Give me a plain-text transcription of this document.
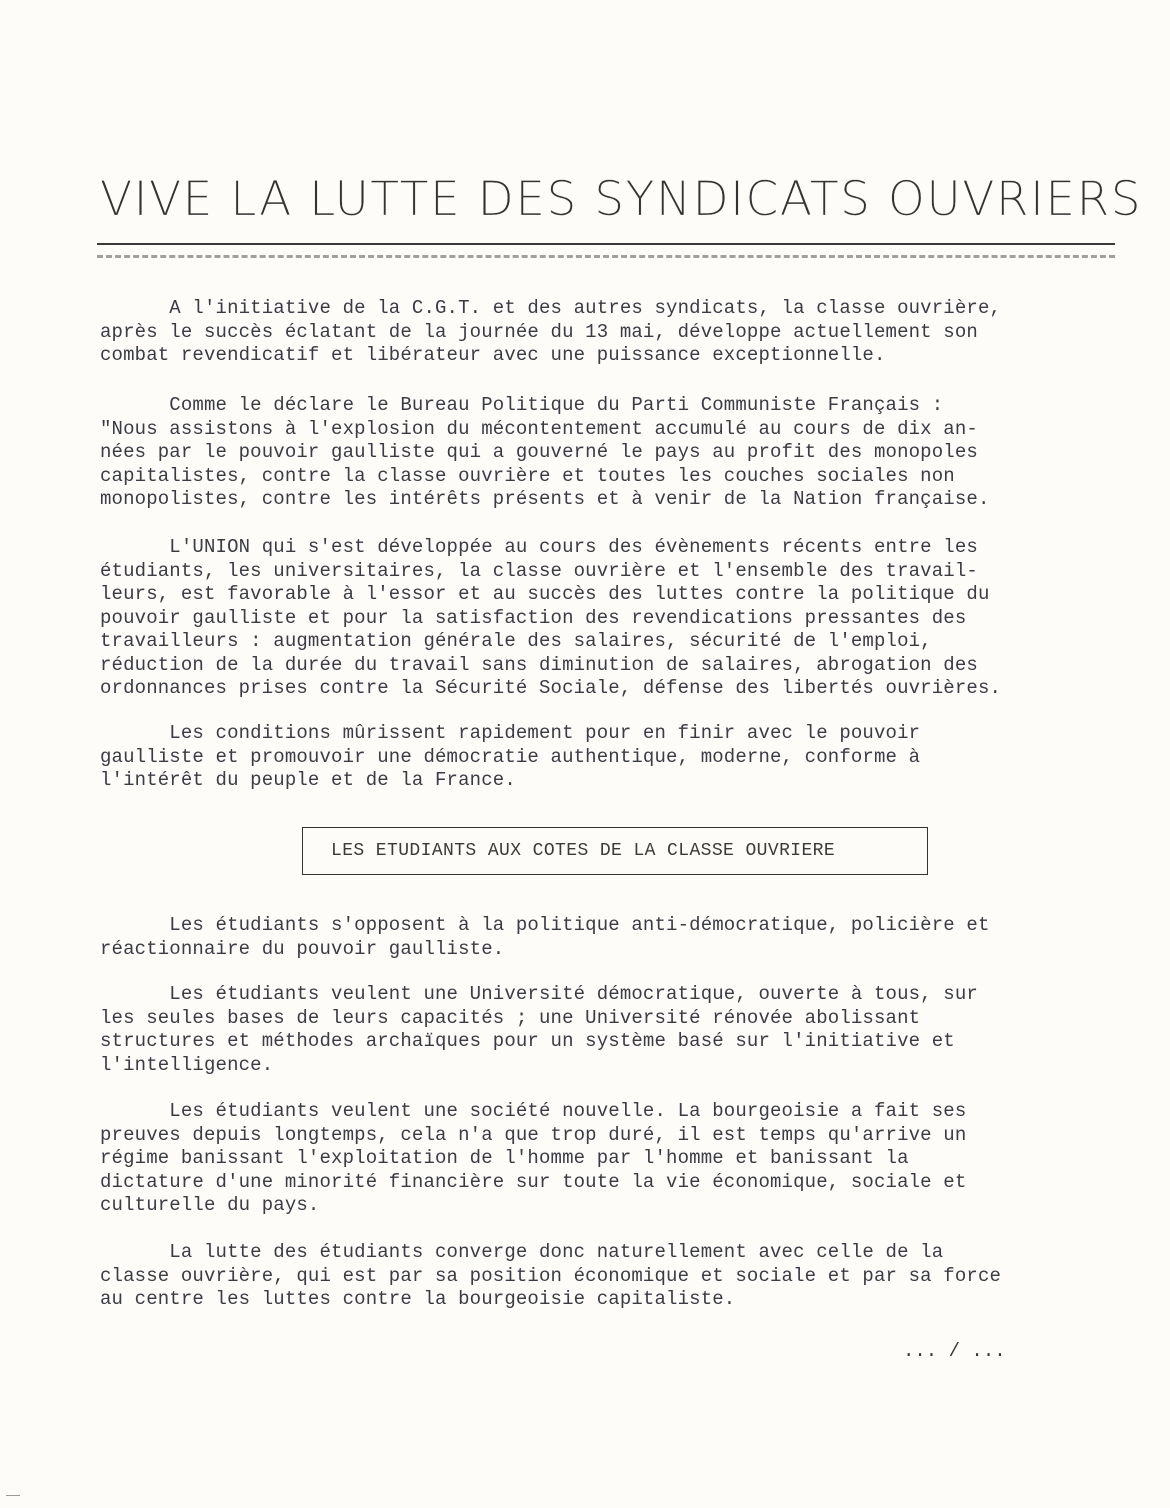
VIVE LA LUTTE DES SYNDICATS OUVRIERS
A l'initiative de la C.G.T. et des autres syndicats, la classe ouvrière,
après le succès éclatant de la journée du 13 mai, développe actuellement son
combat revendicatif et libérateur avec une puissance exceptionnelle.
Comme le déclare le Bureau Politique du Parti Communiste Français :
"Nous assistons à l'explosion du mécontentement accumulé au cours de dix an-
nées par le pouvoir gaulliste qui a gouverné le pays au profit des monopoles
capitalistes, contre la classe ouvrière et toutes les couches sociales non
monopolistes, contre les intérêts présents et à venir de la Nation française.
L'UNION qui s'est développée au cours des évènements récents entre les
étudiants, les universitaires, la classe ouvrière et l'ensemble des travail-
leurs, est favorable à l'essor et au succès des luttes contre la politique du
pouvoir gaulliste et pour la satisfaction des revendications pressantes des
travailleurs : augmentation générale des salaires, sécurité de l'emploi,
réduction de la durée du travail sans diminution de salaires, abrogation des
ordonnances prises contre la Sécurité Sociale, défense des libertés ouvrières.
Les conditions mûrissent rapidement pour en finir avec le pouvoir
gaulliste et promouvoir une démocratie authentique, moderne, conforme à
l'intérêt du peuple et de la France.
LES ETUDIANTS AUX COTES DE LA CLASSE OUVRIERE
Les étudiants s'opposent à la politique anti-démocratique, policière et
réactionnaire du pouvoir gaulliste.
Les étudiants veulent une Université démocratique, ouverte à tous, sur
les seules bases de leurs capacités ; une Université rénovée abolissant
structures et méthodes archaïques pour un système basé sur l'initiative et
l'intelligence.
Les étudiants veulent une société nouvelle. La bourgeoisie a fait ses
preuves depuis longtemps, cela n'a que trop duré, il est temps qu'arrive un
régime banissant l'exploitation de l'homme par l'homme et banissant la
dictature d'une minorité financière sur toute la vie économique, sociale et
culturelle du pays.
La lutte des étudiants converge donc naturellement avec celle de la
classe ouvrière, qui est par sa position économique et sociale et par sa force
au centre les luttes contre la bourgeoisie capitaliste.
... / ...
